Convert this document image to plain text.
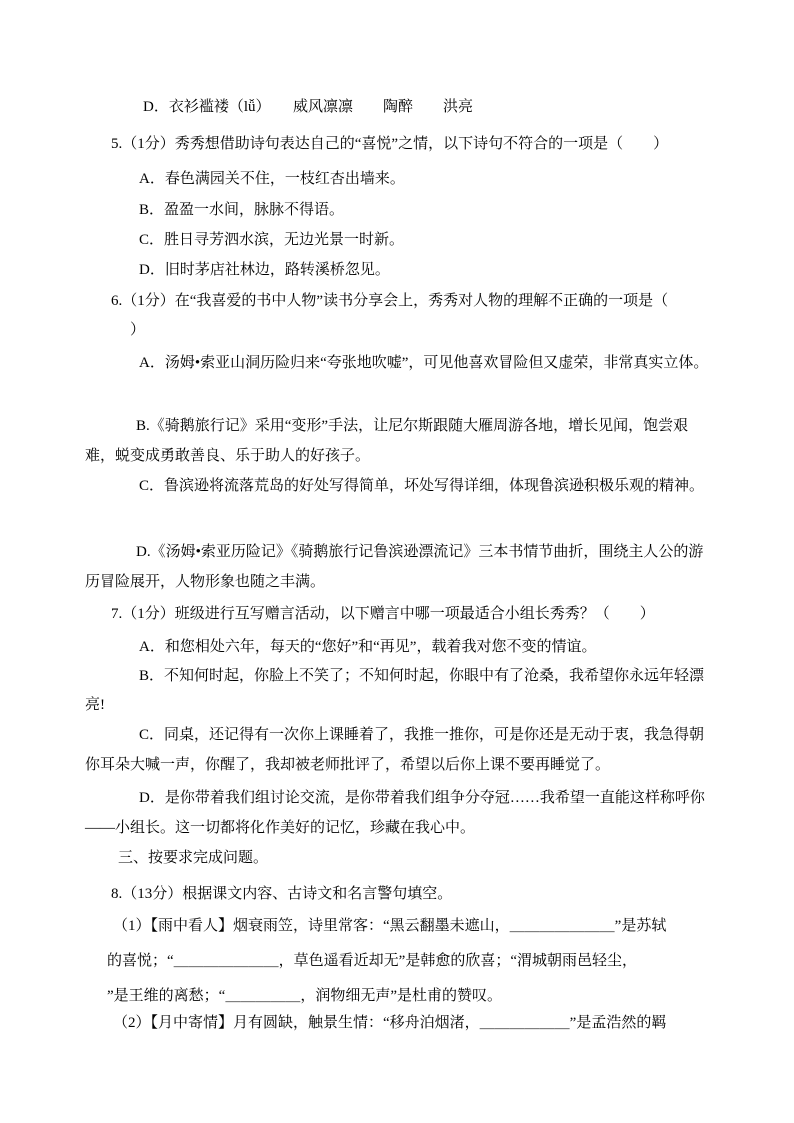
D．衣衫褴褛（lǚ）　　威风凛凛　　陶醉　　洪亮

5.（1分）秀秀想借助诗句表达自己的“喜悦”之情，以下诗句不符合的一项是（　　）

A．春色满园关不住，一枝红杏出墙来。

B．盈盈一水间，脉脉不得语。

C．胜日寻芳泗水滨，无边光景一时新。

D．旧时茅店社林边，路转溪桥忽见。

6.（1分）在“我喜爱的书中人物”读书分享会上，秀秀对人物的理解不正确的一项是（

）

A．汤姆•索亚山洞历险归来“夸张地吹嘘”，可见他喜欢冒险但又虚荣，非常真实立体。

B.《骑鹅旅行记》采用“变形”手法，让尼尔斯跟随大雁周游各地，增长见闻，饱尝艰

难，蜕变成勇敢善良、乐于助人的好孩子。

C．鲁滨逊将流落荒岛的好处写得简单，坏处写得详细，体现鲁滨逊积极乐观的精神。

D.《汤姆•索亚历险记》《骑鹅旅行记鲁滨逊漂流记》三本书情节曲折，围绕主人公的游

历冒险展开，人物形象也随之丰满。

7.（1分）班级进行互写赠言活动，以下赠言中哪一项最适合小组长秀秀？（　　）

A．和您相处六年，每天的“您好”和“再见”，载着我对您不变的情谊。

B．不知何时起，你脸上不笑了；不知何时起，你眼中有了沧桑，我希望你永远年轻漂

亮!

C．同桌，还记得有一次你上课睡着了，我推一推你，可是你还是无动于衷，我急得朝

你耳朵大喊一声，你醒了，我却被老师批评了，希望以后你上课不要再睡觉了。

D．是你带着我们组讨论交流，是你带着我们组争分夺冠……我希望一直能这样称呼你

——小组长。这一切都将化作美好的记忆，珍藏在我心中。

三、按要求完成问题。

8.（13分）根据课文内容、古诗文和名言警句填空。

（1）【雨中看人】烟衰雨笠，诗里常客：“黑云翻墨未遮山，＿＿＿＿＿＿＿”是苏轼

的喜悦；“＿＿＿＿＿＿＿，草色遥看近却无”是韩愈的欣喜；“渭城朝雨邑轻尘，

”是王维的离愁；“＿＿＿＿＿，润物细无声”是杜甫的赞叹。

（2）【月中寄情】月有圆缺，触景生情：“移舟泊烟渚，＿＿＿＿＿＿”是孟浩然的羁
